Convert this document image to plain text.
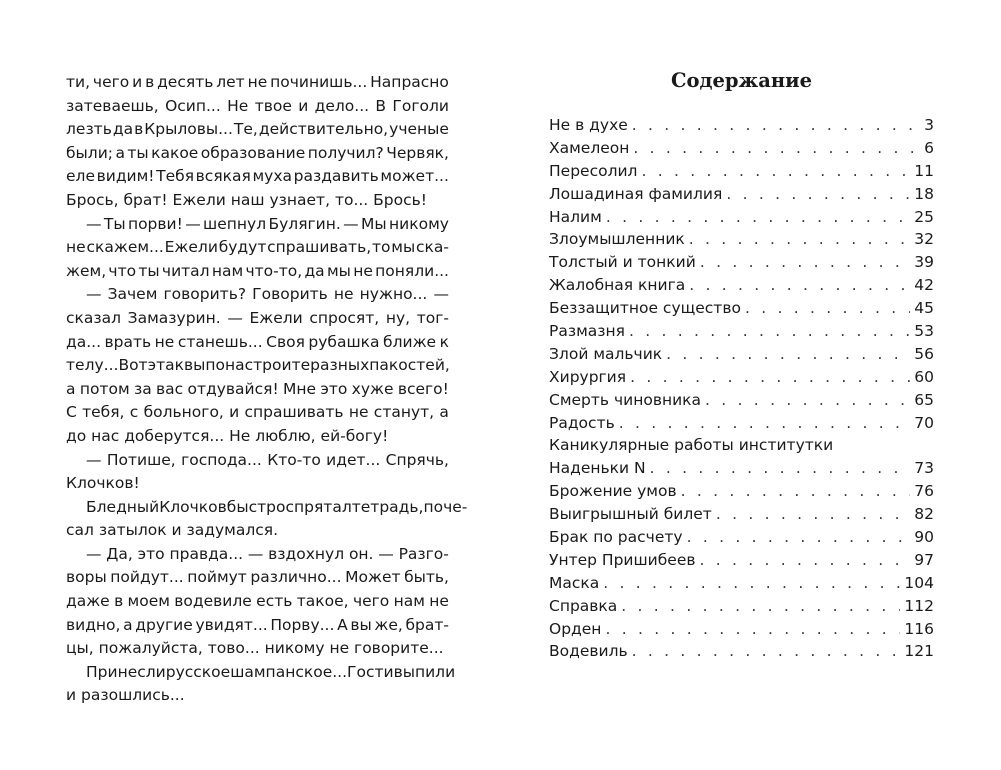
ти, чего и в десять лет не починишь... Напрасно
затеваешь, Осип... Не твое и дело... В Гоголи
лезть да в Крыловы... Те, действительно, ученые
были; а ты какое образование получил? Червяк,
еле видим! Тебя всякая муха раздавить может...
Брось, брат! Ежели наш узнает, то... Брось!
— Ты порви! — шепнул Булягин. — Мы никому
не скажем... Ежели будут спрашивать, то мы ска-
жем, что ты читал нам что-то, да мы не поняли...
— Зачем говорить? Говорить не нужно... —
сказал Замазурин. — Ежели спросят, ну, тог-
да... врать не станешь... Своя рубашка ближе к
телу... Вот этак вы понастроите разных пакостей,
а потом за вас отдувайся! Мне это хуже всего!
С тебя, с больного, и спрашивать не станут, а
до нас доберутся... Не люблю, ей-богу!
— Потише, господа... Кто-то идет... Спрячь,
Клочков!
Бледный Клочков быстро спрятал тетрадь, поче-
сал затылок и задумался.
— Да, это правда... — вздохнул он. — Разго-
воры пойдут... поймут различно... Может быть,
даже в моем водевиле есть такое, чего нам не
видно, а другие увидят... Порву... А вы же, брат-
цы, пожалуйста, тово... никому не говорите...
Принесли русское шампанское... Гости выпили
и разошлись...
Содержание
Не в духе . . .	3
Хамелеон . . .	6
Пересолил . . .	11
Лошадиная фамилия . . .	18
Налим . . .	25
Злоумышленник . . .	32
Толстый и тонкий . . .	39
Жалобная книга . . .	42
Беззащитное существо . . .	45
Размазня . . .	53
Злой мальчик . . .	56
Хирургия . . .	60
Смерть чиновника . . .	65
Радость . . .	70
Каникулярные работы институтки
Наденьки N . . .	73
Брожение умов . . .	76
Выигрышный билет . . .	82
Брак по расчету . . .	90
Унтер Пришибеев . . .	97
Маска . . .	104
Справка . . .	112
Орден . . .	116
Водевиль . . .	121
